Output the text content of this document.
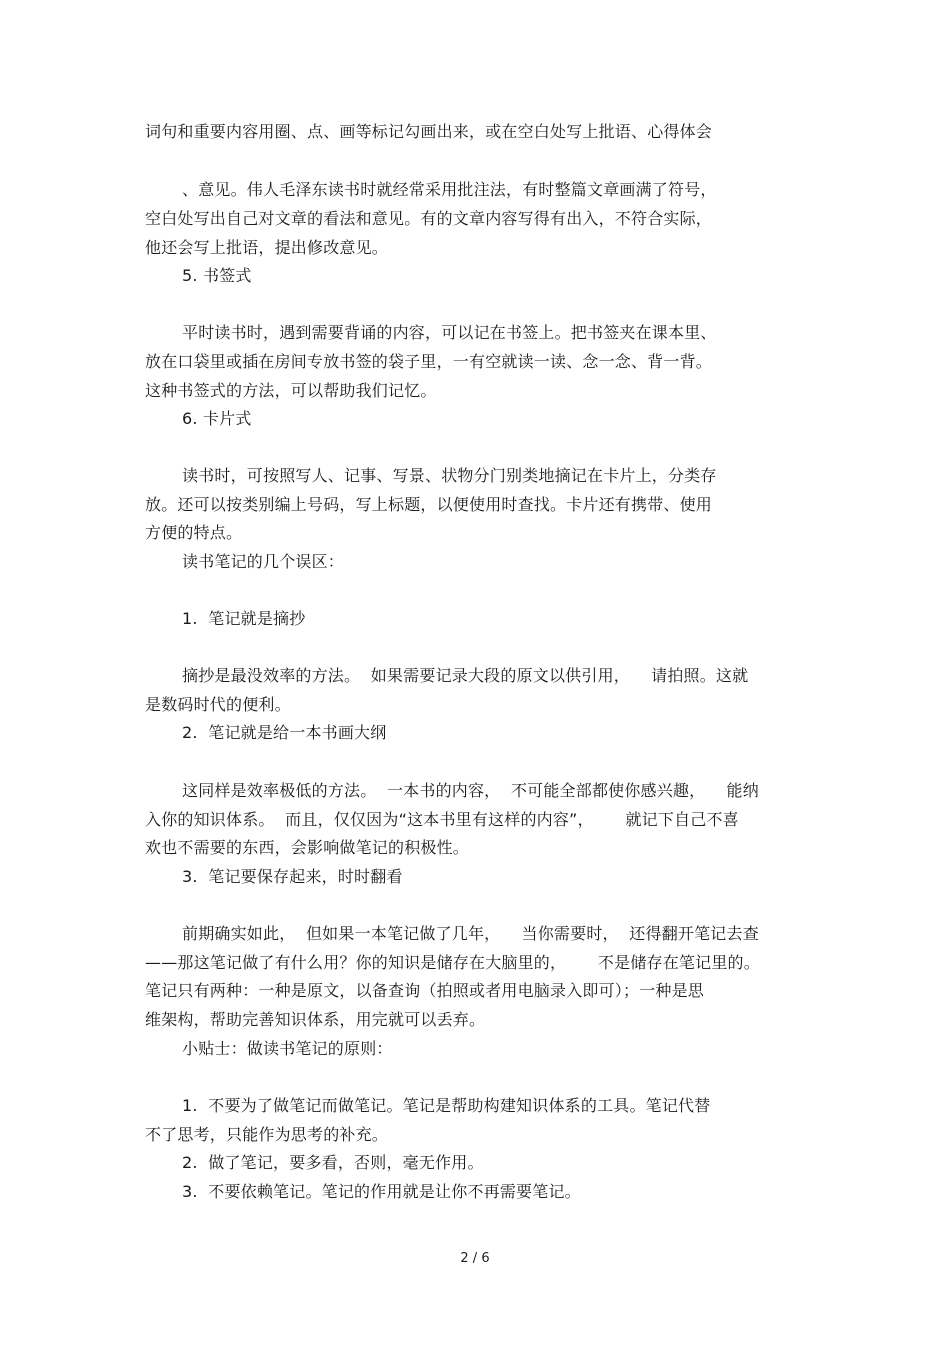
词句和重要内容用圈、点、画等标记勾画出来，或在空白处写上批语、心得体会
、意见。伟人毛泽东读书时就经常采用批注法，有时整篇文章画满了符号，
空白处写出自己对文章的看法和意见。有的文章内容写得有出入，不符合实际，
他还会写上批语，提出修改意见。
5. 书签式
平时读书时，遇到需要背诵的内容，可以记在书签上。把书签夹在课本里、
放在口袋里或插在房间专放书签的袋子里，一有空就读一读、念一念、背一背。
这种书签式的方法，可以帮助我们记忆。
6. 卡片式
读书时，可按照写人、记事、写景、状物分门别类地摘记在卡片上，分类存
放。还可以按类别编上号码，写上标题，以便使用时查找。卡片还有携带、使用
方便的特点。
读书笔记的几个误区：
1.  笔记就是摘抄
摘抄是最没效率的方法。  如果需要记录大段的原文以供引用，    请拍照。这就
是数码时代的便利。
2.  笔记就是给一本书画大纲
这同样是效率极低的方法。  一本书的内容，  不可能全部都使你感兴趣，    能纳
入你的知识体系。  而且，仅仅因为“这本书里有这样的内容”，      就记下自己不喜
欢也不需要的东西，会影响做笔记的积极性。
3.  笔记要保存起来，时时翻看
前期确实如此，  但如果一本笔记做了几年，    当你需要时，  还得翻开笔记去查
——那这笔记做了有什么用？你的知识是储存在大脑里的，      不是储存在笔记里的。
笔记只有两种：一种是原文，以备查询（拍照或者用电脑录入即可）；一种是思
维架构，帮助完善知识体系，用完就可以丢弃。
小贴士：做读书笔记的原则：
1.  不要为了做笔记而做笔记。笔记是帮助构建知识体系的工具。笔记代替
不了思考，只能作为思考的补充。
2.  做了笔记，要多看，否则，毫无作用。
3.  不要依赖笔记。笔记的作用就是让你不再需要笔记。
2 / 6
